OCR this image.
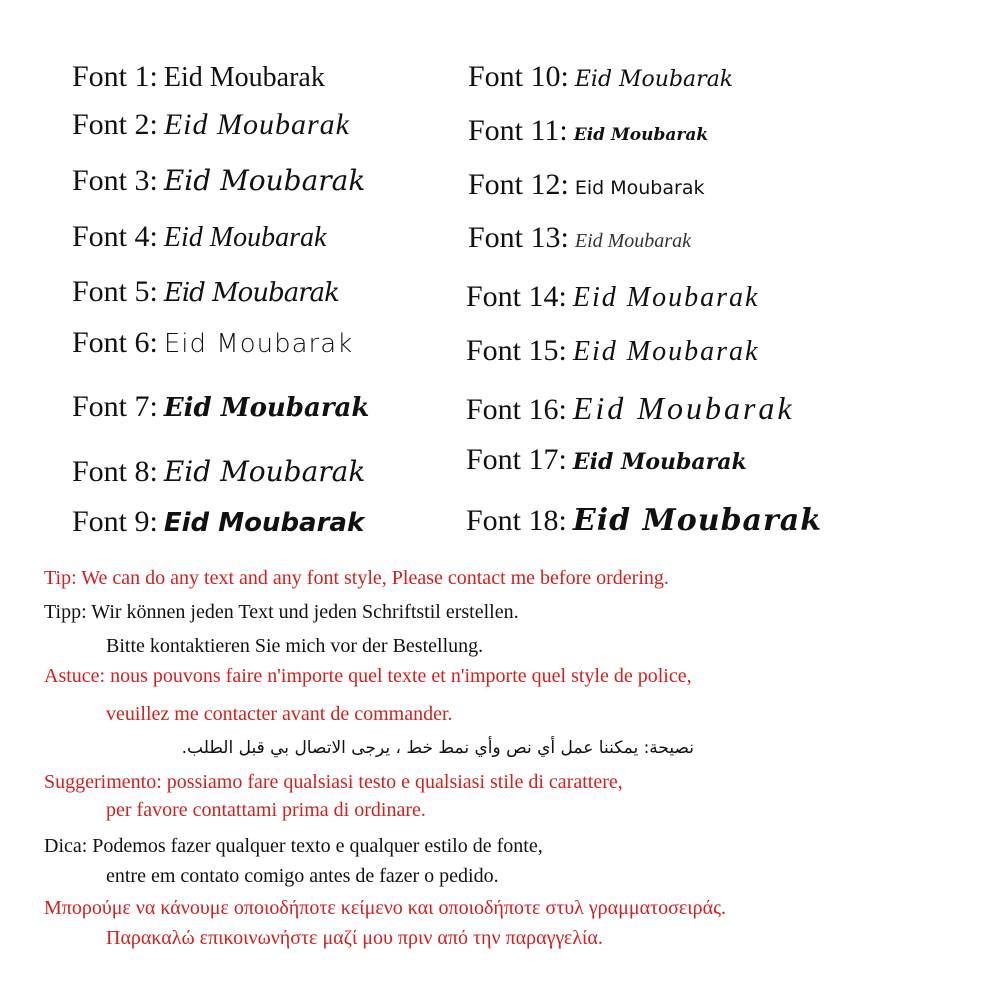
Font 1: Eid Moubarak
Font 2: Eid Moubarak
Font 3: Eid Moubarak
Font 4: Eid Moubarak
Font 5: Eid Moubarak
Font 6: Eid Moubarak
Font 7: Eid Moubarak
Font 8: Eid Moubarak
Font 9: Eid Moubarak
Font 10: Eid Moubarak
Font 11: Eid Moubarak
Font 12: Eid Moubarak
Font 13: Eid Moubarak
Font 14: Eid Moubarak
Font 15: Eid Moubarak
Font 16: Eid Moubarak
Font 17: Eid Moubarak
Font 18: Eid Moubarak
Tip: We can do any text and any font style, Please contact me before ordering.
Tipp: Wir können jeden Text und jeden Schriftstil erstellen.
Bitte kontaktieren Sie mich vor der Bestellung.
Astuce: nous pouvons faire n'importe quel texte et n'importe quel style de police,
veuillez me contacter avant de commander.
نصيحة: يمكننا عمل أي نص وأي نمط خط ، يرجى الاتصال بي قبل الطلب.
Suggerimento: possiamo fare qualsiasi testo e qualsiasi stile di carattere,
per favore contattami prima di ordinare.
Dica: Podemos fazer qualquer texto e qualquer estilo de fonte,
entre em contato comigo antes de fazer o pedido.
Μπορούμε να κάνουμε οποιοδήποτε κείμενο και οποιοδήποτε στυλ γραμματοσειράς.
Παρακαλώ επικοινωνήστε μαζί μου πριν από την παραγγελία.
